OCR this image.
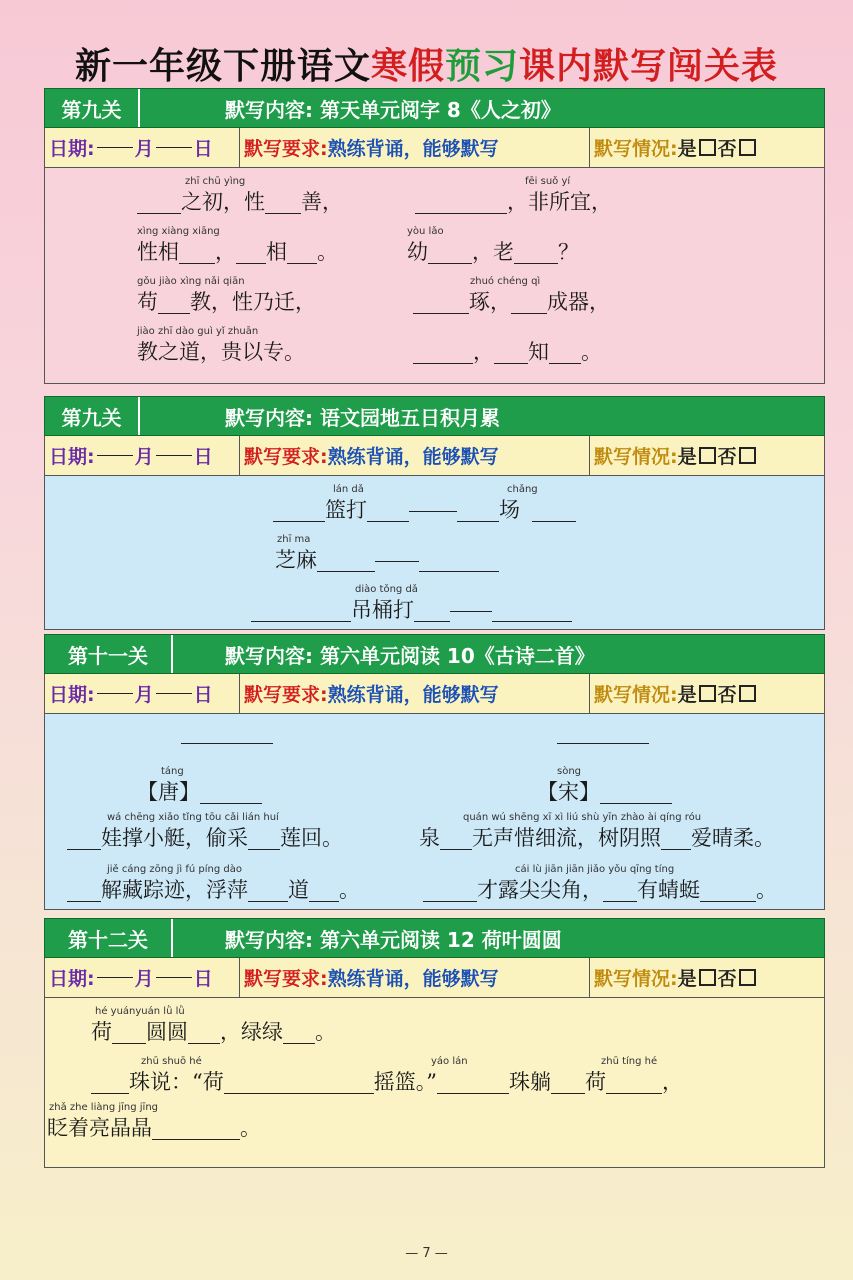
新一年级下册语文寒假预习课内默写闯关表
第九关	默写内容: 第天单元阅字 8《人之初》
日期: 月 日 默写要求: 熟练背诵，能够默写	默写情况: 是 否
zhī chū yìng	fēi suǒ yí
之初，性 善，	，非所宜，
xìng xiàng xiāng	yòu lǎo
性相 ， 相 。	幼 ，老 ？
gǒu jiào xìng nǎi qiān	zhuó chéng qì
苟 教，性乃迁，	琢， 成器，
jiào zhī dào guì yǐ zhuān
教之道，贵以专。	， 知 。
第九关	默写内容: 语文园地五日积月累
日期: 月 日 默写要求: 熟练背诵，能够默写	默写情况: 是 否
lán dǎ	chǎng
篮打	场
zhī ma
芝麻
diào tǒng dǎ
吊桶打
第十一关	默写内容: 第六单元阅读 10《古诗二首》
日期: 月 日 默写要求: 熟练背诵，能够默写	默写情况: 是 否
táng	sòng
【唐】	【宋】
wá chēng xiǎo tǐng tōu cǎi lián huí	quán wú shēng xī xì liú shù yīn zhào ài qíng róu
娃撑小艇，偷采 莲回。	泉 无声惜细流，树阴照 爱晴柔。
jiě cáng zōng jì fú píng dào	cái lù jiān jiān jiǎo yǒu qīng tíng
解藏踪迹，浮萍 道 。	才露尖尖角， 有蜻蜓	。
第十二关	默写内容: 第六单元阅读 12 荷叶圆圆
日期: 月 日 默写要求: 熟练背诵，能够默写	默写情况: 是 否
hé yuányuán lǜ lǜ
荷 圆圆 ，绿绿 。
zhū shuō hé	yáo lán	zhū tíng hé
珠说：“荷	摇篮。”	珠躺 荷	，
zhǎ zhe liàng jīng jīng
眨着亮晶晶	。
— 7 —
